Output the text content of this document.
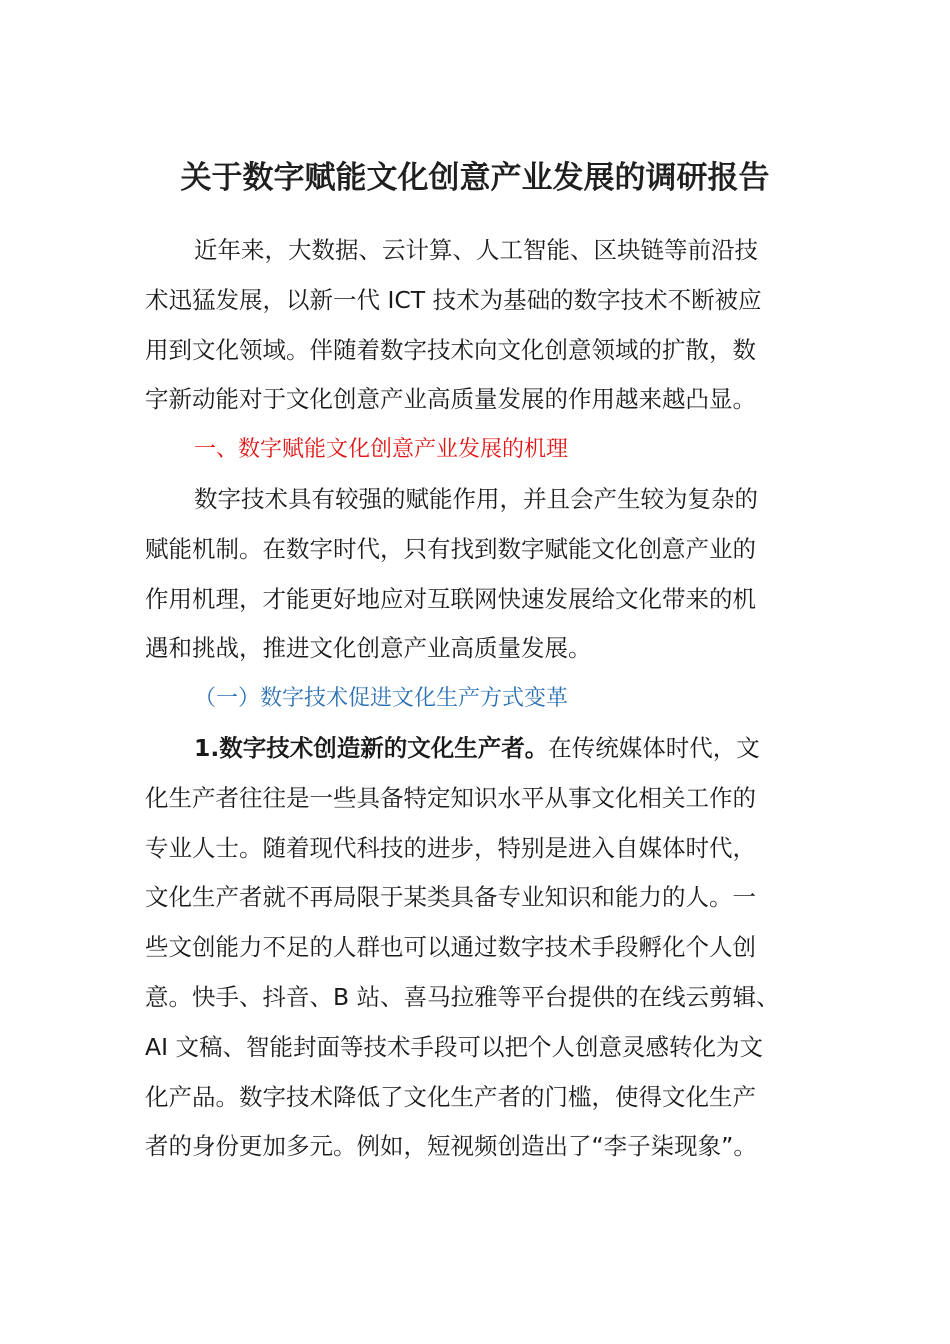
关于数字赋能文化创意产业发展的调研报告
近年来，大数据、云计算、人工智能、区块链等前沿技
术迅猛发展，以新一代 ICT 技术为基础的数字技术不断被应
用到文化领域。伴随着数字技术向文化创意领域的扩散，数
字新动能对于文化创意产业高质量发展的作用越来越凸显。
一、数字赋能文化创意产业发展的机理
数字技术具有较强的赋能作用，并且会产生较为复杂的
赋能机制。在数字时代，只有找到数字赋能文化创意产业的
作用机理，才能更好地应对互联网快速发展给文化带来的机
遇和挑战，推进文化创意产业高质量发展。
（一）数字技术促进文化生产方式变革
1.数字技术创造新的文化生产者。在传统媒体时代，文
化生产者往往是一些具备特定知识水平从事文化相关工作的
专业人士。随着现代科技的进步，特别是进入自媒体时代，
文化生产者就不再局限于某类具备专业知识和能力的人。一
些文创能力不足的人群也可以通过数字技术手段孵化个人创
意。快手、抖音、B 站、喜马拉雅等平台提供的在线云剪辑、
AI 文稿、智能封面等技术手段可以把个人创意灵感转化为文
化产品。数字技术降低了文化生产者的门槛，使得文化生产
者的身份更加多元。例如，短视频创造出了“李子柒现象”。
